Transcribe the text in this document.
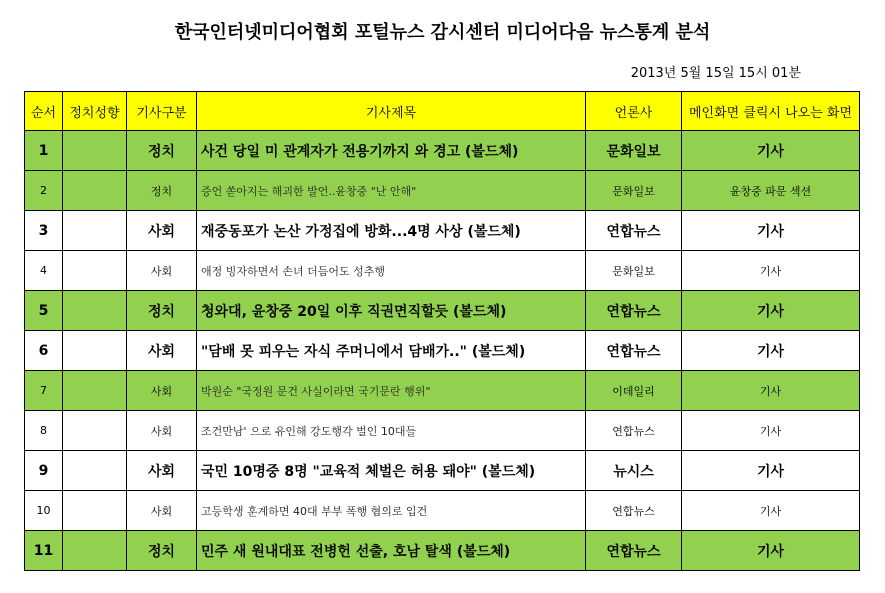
한국인터넷미디어협회 포털뉴스 감시센터 미디어다음 뉴스통계 분석
2013년 5월 15일 15시 01분
순서	정치성향	기사구분	기사제목	언론사	메인화면 클릭시 나오는 화면
1		정치	사건 당일 미 관계자가 전용기까지 와 경고 (볼드체)	문화일보	기사
2		정치	증언 쏟아지는 해괴한 발언..윤창중 "난 안해"	문화일보	윤창중 파문 섹션
3		사회	재중동포가 논산 가정집에 방화...4명 사상 (볼드체)	연합뉴스	기사
4		사회	애정 빙자하면서 손녀 더듬어도 성추행	문화일보	기사
5		정치	청와대, 윤창중 20일 이후 직권면직할듯 (볼드체)	연합뉴스	기사
6		사회	"담배 못 피우는 자식 주머니에서 담배가.." (볼드체)	연합뉴스	기사
7		사회	박원순 "국정원 문건 사실이라면 국기문란 행위"	이데일리	기사
8		사회	조건만남' 으로 유인해 강도행각 벌인 10대들	연합뉴스	기사
9		사회	국민 10명중 8명 "교육적 체벌은 허용 돼야" (볼드체)	뉴시스	기사
10		사회	고등학생 훈계하면 40대 부부 폭행 혐의로 입건	연합뉴스	기사
11		정치	민주 새 원내대표 전병헌 선출, 호남 탈색 (볼드체)	연합뉴스	기사
